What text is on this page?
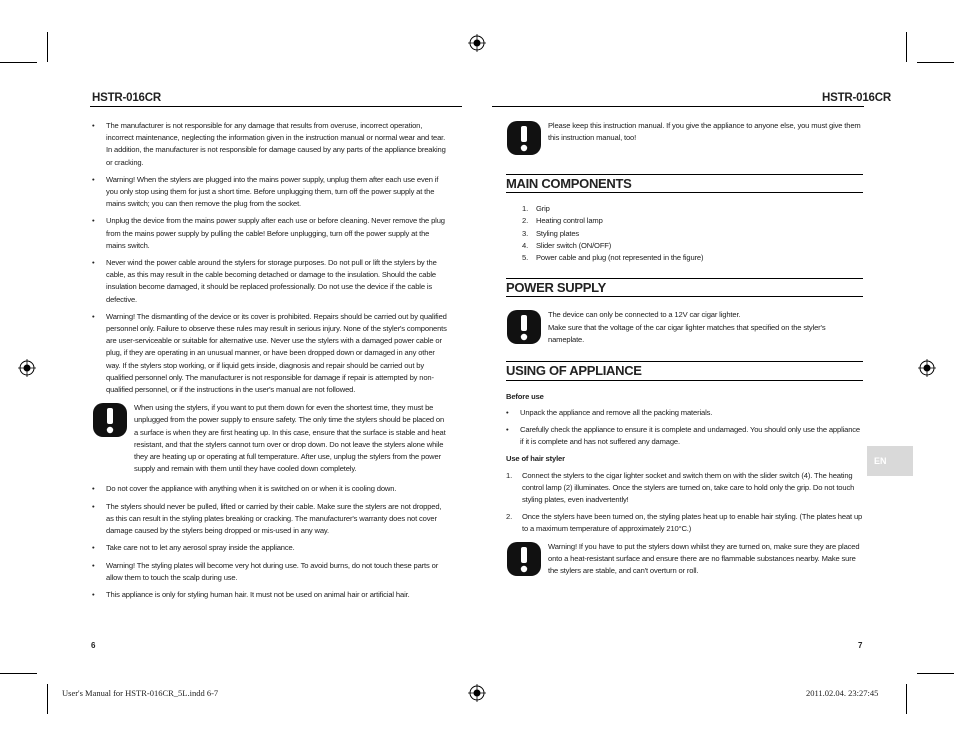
HSTR-016CR	HSTR-016CR
• The manufacturer is not responsible for any damage that results from overuse, incorrect operation, incorrect maintenance, neglecting the information given in the instruction manual or normal wear and tear. In addition, the manufacturer is not responsible for damage caused by any parts of the appliance breaking or cracking.
• Warning! When the stylers are plugged into the mains power supply, unplug them after each use even if you only stop using them for just a short time. Before unplugging them, turn off the power supply at the mains switch; you can then remove the plug from the socket.
• Unplug the device from the mains power supply after each use or before cleaning. Never remove the plug from the mains power supply by pulling the cable! Before unplugging, turn off the power supply at the mains switch.
• Never wind the power cable around the stylers for storage purposes. Do not pull or lift the stylers by the cable, as this may result in the cable becoming detached or damage to the insulation. Should the cable insulation become damaged, it should be replaced professionally. Do not use the device if the cable is defective.
• Warning! The dismantling of the device or its cover is prohibited. Repairs should be carried out by qualified personnel only. Failure to observe these rules may result in serious injury. None of the styler's components are user-serviceable or suitable for alternative use. Never use the stylers with a damaged power cable or plug, if they are operating in an unusual manner, or have been dropped down or damaged in any other way. If the stylers stop working, or if liquid gets inside, diagnosis and repair should be carried out by qualified personnel only. The manufacturer is not responsible for damage if repair is attempted by non-qualified personnel, or if the instructions in the user's manual are not followed.
When using the stylers, if you want to put them down for even the shortest time, they must be unplugged from the power supply to ensure safety. The only time the stylers should be placed on a surface is when they are first heating up. In this case, ensure that the surface is stable and heat resistant, and that the stylers cannot turn over or drop down. Do not leave the stylers alone while they are heating up or operating at full temperature. After use, unplug the stylers from the power supply and remain with them until they have cooled down completely.
• Do not cover the appliance with anything when it is switched on or when it is cooling down.
• The stylers should never be pulled, lifted or carried by their cable. Make sure the stylers are not dropped, as this can result in the styling plates breaking or cracking. The manufacturer's warranty does not cover damage caused by the stylers being dropped or mis-used in any way.
• Take care not to let any aerosol spray inside the appliance.
• Warning! The styling plates will become very hot during use. To avoid burns, do not touch these parts or allow them to touch the scalp during use.
• This appliance is only for styling human hair. It must not be used on animal hair or artificial hair.
6
Please keep this instruction manual. If you give the appliance to anyone else, you must give them this instruction manual, too!
MAIN COMPONENTS
1. Grip
2. Heating control lamp
3. Styling plates
4. Slider switch (ON/OFF)
5. Power cable and plug (not represented in the figure)
POWER SUPPLY
The device can only be connected to a 12V car cigar lighter.
Make sure that the voltage of the car cigar lighter matches that specified on the styler's nameplate.
USING OF APPLIANCE
Before use
• Unpack the appliance and remove all the packing materials.
• Carefully check the appliance to ensure it is complete and undamaged. You should only use the appliance if it is complete and has not suffered any damage.
Use of hair styler
1. Connect the stylers to the cigar lighter socket and switch them on with the slider switch (4). The heating control lamp (2) illuminates. Once the stylers are turned on, take care to hold only the grip. Do not touch styling plates, even inadvertently!
2. Once the stylers have been turned on, the styling plates heat up to enable hair styling. (The plates heat up to a maximum temperature of approximately 210°C.)
Warning! If you have to put the stylers down whilst they are turned on, make sure they are placed onto a heat-resistant surface and ensure there are no flammable substances nearby. Make sure the stylers are stable, and can't overturn or roll.
7
EN
User's Manual for HSTR-016CR_5L.indd 6-7	2011.02.04. 23:27:45
